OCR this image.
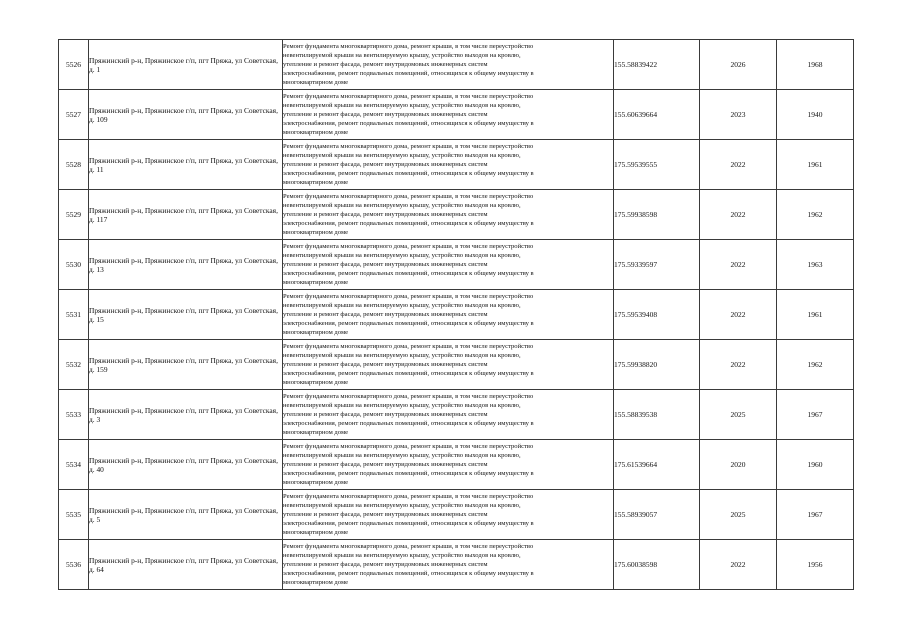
5526	Пряжинский р-н, Пряжинское г/п, пгт Пряжа, ул Советская, д. 1	Ремонт фундамента многоквартирного дома, ремонт крыши, в том числе переустройство
невентилируемой крыши на вентилируемую крышу, устройство выходов на кровлю,
утепление и ремонт фасада, ремонт внутридомовых инженерных систем
электроснабжения, ремонт подвальных помещений, относящихся к общему имуществу в
многоквартирном доме	155.58839422	2026	1968
5527	Пряжинский р-н, Пряжинское г/п, пгт Пряжа, ул Советская, д. 109	Ремонт фундамента многоквартирного дома, ремонт крыши, в том числе переустройство
невентилируемой крыши на вентилируемую крышу, устройство выходов на кровлю,
утепление и ремонт фасада, ремонт внутридомовых инженерных систем
электроснабжения, ремонт подвальных помещений, относящихся к общему имуществу в
многоквартирном доме	155.60639664	2023	1940
5528	Пряжинский р-н, Пряжинское г/п, пгт Пряжа, ул Советская, д. 11	Ремонт фундамента многоквартирного дома, ремонт крыши, в том числе переустройство
невентилируемой крыши на вентилируемую крышу, устройство выходов на кровлю,
утепление и ремонт фасада, ремонт внутридомовых инженерных систем
электроснабжения, ремонт подвальных помещений, относящихся к общему имуществу в
многоквартирном доме	175.59539555	2022	1961
5529	Пряжинский р-н, Пряжинское г/п, пгт Пряжа, ул Советская, д. 117	Ремонт фундамента многоквартирного дома, ремонт крыши, в том числе переустройство
невентилируемой крыши на вентилируемую крышу, устройство выходов на кровлю,
утепление и ремонт фасада, ремонт внутридомовых инженерных систем
электроснабжения, ремонт подвальных помещений, относящихся к общему имуществу в
многоквартирном доме	175.59938598	2022	1962
5530	Пряжинский р-н, Пряжинское г/п, пгт Пряжа, ул Советская, д. 13	Ремонт фундамента многоквартирного дома, ремонт крыши, в том числе переустройство
невентилируемой крыши на вентилируемую крышу, устройство выходов на кровлю,
утепление и ремонт фасада, ремонт внутридомовых инженерных систем
электроснабжения, ремонт подвальных помещений, относящихся к общему имуществу в
многоквартирном доме	175.59339597	2022	1963
5531	Пряжинский р-н, Пряжинское г/п, пгт Пряжа, ул Советская, д. 15	Ремонт фундамента многоквартирного дома, ремонт крыши, в том числе переустройство
невентилируемой крыши на вентилируемую крышу, устройство выходов на кровлю,
утепление и ремонт фасада, ремонт внутридомовых инженерных систем
электроснабжения, ремонт подвальных помещений, относящихся к общему имуществу в
многоквартирном доме	175.59539408	2022	1961
5532	Пряжинский р-н, Пряжинское г/п, пгт Пряжа, ул Советская, д. 159	Ремонт фундамента многоквартирного дома, ремонт крыши, в том числе переустройство
невентилируемой крыши на вентилируемую крышу, устройство выходов на кровлю,
утепление и ремонт фасада, ремонт внутридомовых инженерных систем
электроснабжения, ремонт подвальных помещений, относящихся к общему имуществу в
многоквартирном доме	175.59938820	2022	1962
5533	Пряжинский р-н, Пряжинское г/п, пгт Пряжа, ул Советская, д. 3	Ремонт фундамента многоквартирного дома, ремонт крыши, в том числе переустройство
невентилируемой крыши на вентилируемую крышу, устройство выходов на кровлю,
утепление и ремонт фасада, ремонт внутридомовых инженерных систем
электроснабжения, ремонт подвальных помещений, относящихся к общему имуществу в
многоквартирном доме	155.58839538	2025	1967
5534	Пряжинский р-н, Пряжинское г/п, пгт Пряжа, ул Советская, д. 40	Ремонт фундамента многоквартирного дома, ремонт крыши, в том числе переустройство
невентилируемой крыши на вентилируемую крышу, устройство выходов на кровлю,
утепление и ремонт фасада, ремонт внутридомовых инженерных систем
электроснабжения, ремонт подвальных помещений, относящихся к общему имуществу в
многоквартирном доме	175.61539664	2020	1960
5535	Пряжинский р-н, Пряжинское г/п, пгт Пряжа, ул Советская, д. 5	Ремонт фундамента многоквартирного дома, ремонт крыши, в том числе переустройство
невентилируемой крыши на вентилируемую крышу, устройство выходов на кровлю,
утепление и ремонт фасада, ремонт внутридомовых инженерных систем
электроснабжения, ремонт подвальных помещений, относящихся к общему имуществу в
многоквартирном доме	155.58939057	2025	1967
5536	Пряжинский р-н, Пряжинское г/п, пгт Пряжа, ул Советская, д. 64	Ремонт фундамента многоквартирного дома, ремонт крыши, в том числе переустройство
невентилируемой крыши на вентилируемую крышу, устройство выходов на кровлю,
утепление и ремонт фасада, ремонт внутридомовых инженерных систем
электроснабжения, ремонт подвальных помещений, относящихся к общему имуществу в
многоквартирном доме	175.60038598	2022	1956
